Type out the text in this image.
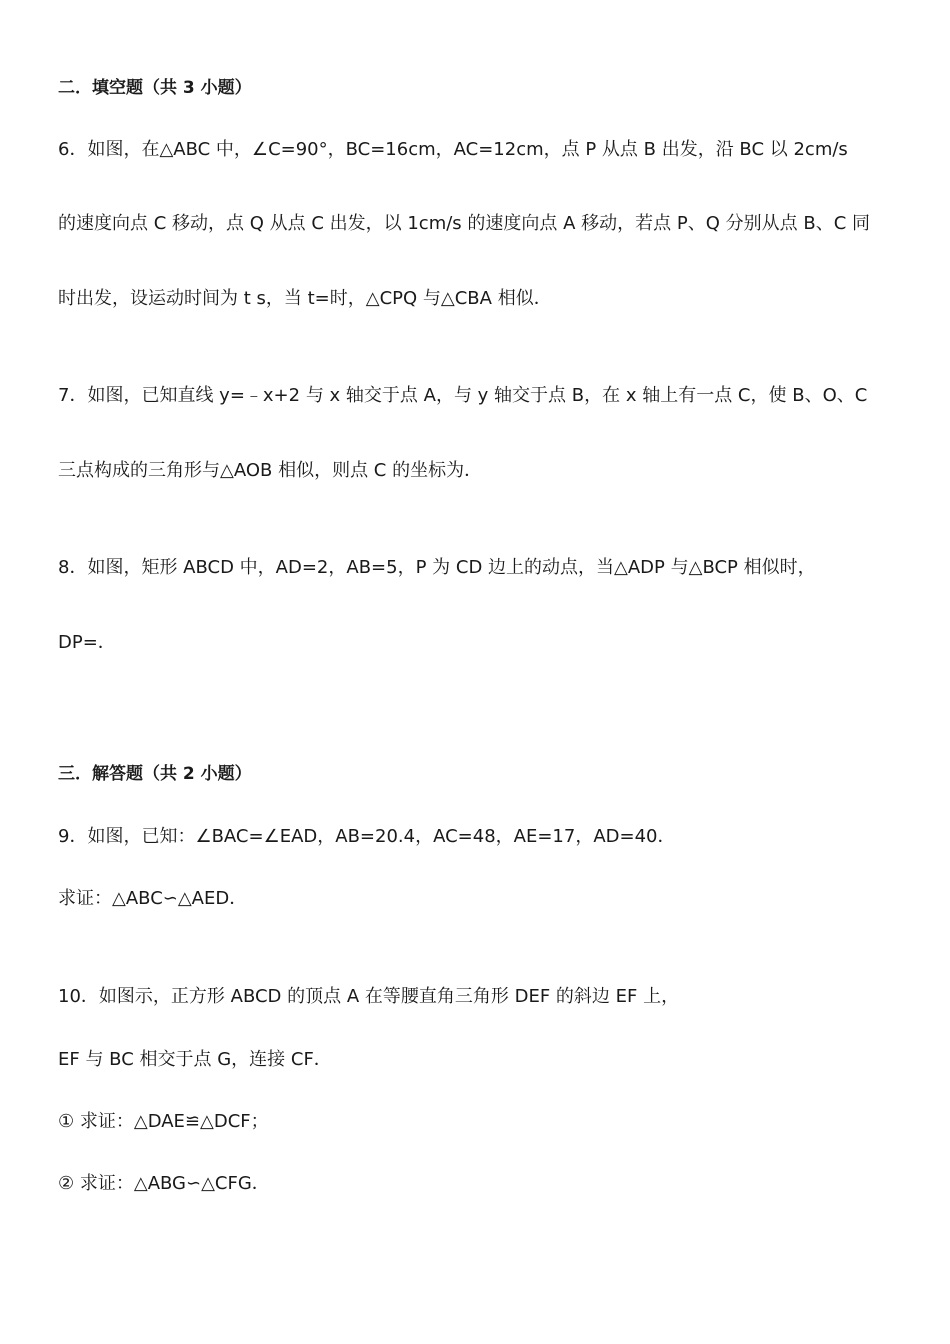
二．填空题（共 3 小题）
6．如图，在△ABC 中，∠C=90°，BC=16cm，AC=12cm，点 P 从点 B 出发，沿 BC 以 2cm/s
的速度向点 C 移动，点 Q 从点 C 出发，以 1cm/s 的速度向点 A 移动，若点 P、Q 分别从点 B、C 同
时出发，设运动时间为 t s，当 t=时，△CPQ 与△CBA 相似．
7．如图，已知直线 y=﹣x+2 与 x 轴交于点 A，与 y 轴交于点 B，在 x 轴上有一点 C，使 B、O、C
三点构成的三角形与△AOB 相似，则点 C 的坐标为．
8．如图，矩形 ABCD 中，AD=2，AB=5，P 为 CD 边上的动点，当△ADP 与△BCP 相似时，
DP=．
三．解答题（共 2 小题）
9．如图，已知：∠BAC=∠EAD，AB=20.4，AC=48，AE=17，AD=40．
求证：△ABC∽△AED．
10．如图示，正方形 ABCD 的顶点 A 在等腰直角三角形 DEF 的斜边 EF 上，
EF 与 BC 相交于点 G，连接 CF．
① 求证：△DAE≌△DCF；
② 求证：△ABG∽△CFG．
